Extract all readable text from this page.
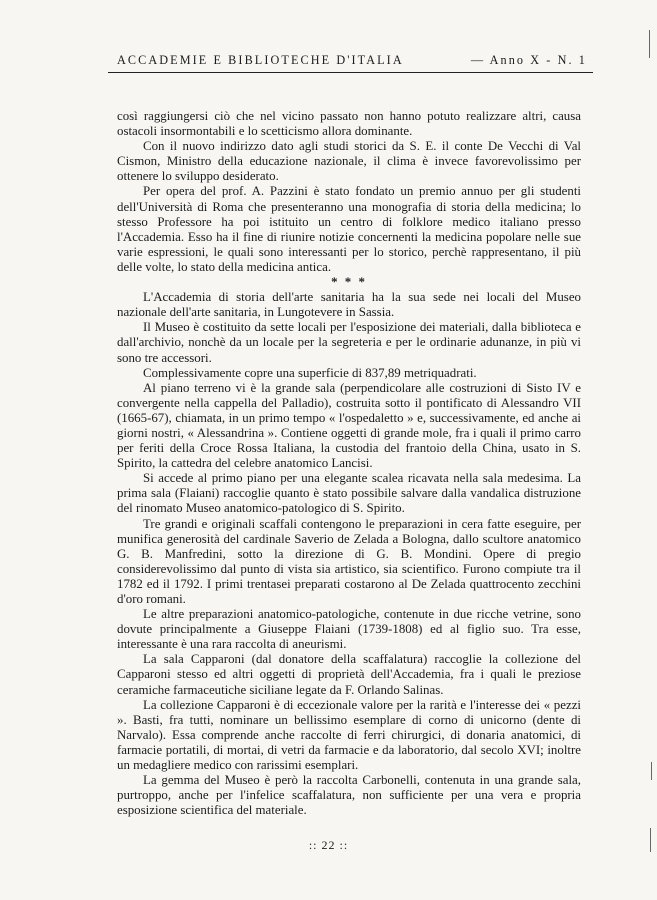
ACCADEMIE E BIBLIOTECHE D'ITALIA	— Anno X - N. 1

così raggiungersi ciò che nel vicino passato non hanno potuto realizzare altri, causa ostacoli insormontabili e lo scetticismo allora dominante.

Con il nuovo indirizzo dato agli studi storici da S. E. il conte De Vecchi di Val Cismon, Ministro della educazione nazionale, il clima è invece favorevolissimo per ottenere lo sviluppo desiderato.

Per opera del prof. A. Pazzini è stato fondato un premio annuo per gli studenti dell'Università di Roma che presenteranno una monografia di storia della medicina; lo stesso Professore ha poi istituito un centro di folklore medico italiano presso l'Accademia. Esso ha il fine di riunire notizie concernenti la medicina popolare nelle sue varie espressioni, le quali sono interessanti per lo storico, perchè rappresentano, il più delle volte, lo stato della medicina antica.

* * *

L'Accademia di storia dell'arte sanitaria ha la sua sede nei locali del Museo nazionale dell'arte sanitaria, in Lungotevere in Sassia.

Il Museo è costituito da sette locali per l'esposizione dei materiali, dalla biblioteca e dall'archivio, nonchè da un locale per la segreteria e per le ordinarie adunanze, in più vi sono tre accessori.

Complessivamente copre una superficie di 837,89 metriquadrati.

Al piano terreno vi è la grande sala (perpendicolare alle costruzioni di Sisto IV e convergente nella cappella del Palladio), costruita sotto il pontificato di Alessandro VII (1665-67), chiamata, in un primo tempo « l'ospedaletto » e, successivamente, ed anche ai giorni nostri, « Alessandrina ». Contiene oggetti di grande mole, fra i quali il primo carro per feriti della Croce Rossa Italiana, la custodia del frantoio della China, usato in S. Spirito, la cattedra del celebre anatomico Lancisi.

Si accede al primo piano per una elegante scalea ricavata nella sala medesima. La prima sala (Flaiani) raccoglie quanto è stato possibile salvare dalla vandalica distruzione del rinomato Museo anatomico-patologico di S. Spirito.

Tre grandi e originali scaffali contengono le preparazioni in cera fatte eseguire, per munifica generosità del cardinale Saverio de Zelada a Bologna, dallo scultore anatomico G. B. Manfredini, sotto la direzione di G. B. Mondini. Opere di pregio considerevolissimo dal punto di vista sia artistico, sia scientifico. Furono compiute tra il 1782 ed il 1792. I primi trentasei preparati costarono al De Zelada quattrocento zecchini d'oro romani.

Le altre preparazioni anatomico-patologiche, contenute in due ricche vetrine, sono dovute principalmente a Giuseppe Flaiani (1739-1808) ed al figlio suo. Tra esse, interessante è una rara raccolta di aneurismi.

La sala Capparoni (dal donatore della scaffalatura) raccoglie la collezione del Capparoni stesso ed altri oggetti di proprietà dell'Accademia, fra i quali le preziose ceramiche farmaceutiche siciliane legate da F. Orlando Salinas.

La collezione Capparoni è di eccezionale valore per la rarità e l'interesse dei « pezzi ». Basti, fra tutti, nominare un bellissimo esemplare di corno di unicorno (dente di Narvalo). Essa comprende anche raccolte di ferri chirurgici, di donaria anatomici, di farmacie portatili, di mortai, di vetri da farmacie e da laboratorio, dal secolo XVI; inoltre un medagliere medico con rarissimi esemplari.

La gemma del Museo è però la raccolta Carbonelli, contenuta in una grande sala, purtroppo, anche per l'infelice scaffalatura, non sufficiente per una vera e propria esposizione scientifica del materiale.

:: 22 ::
